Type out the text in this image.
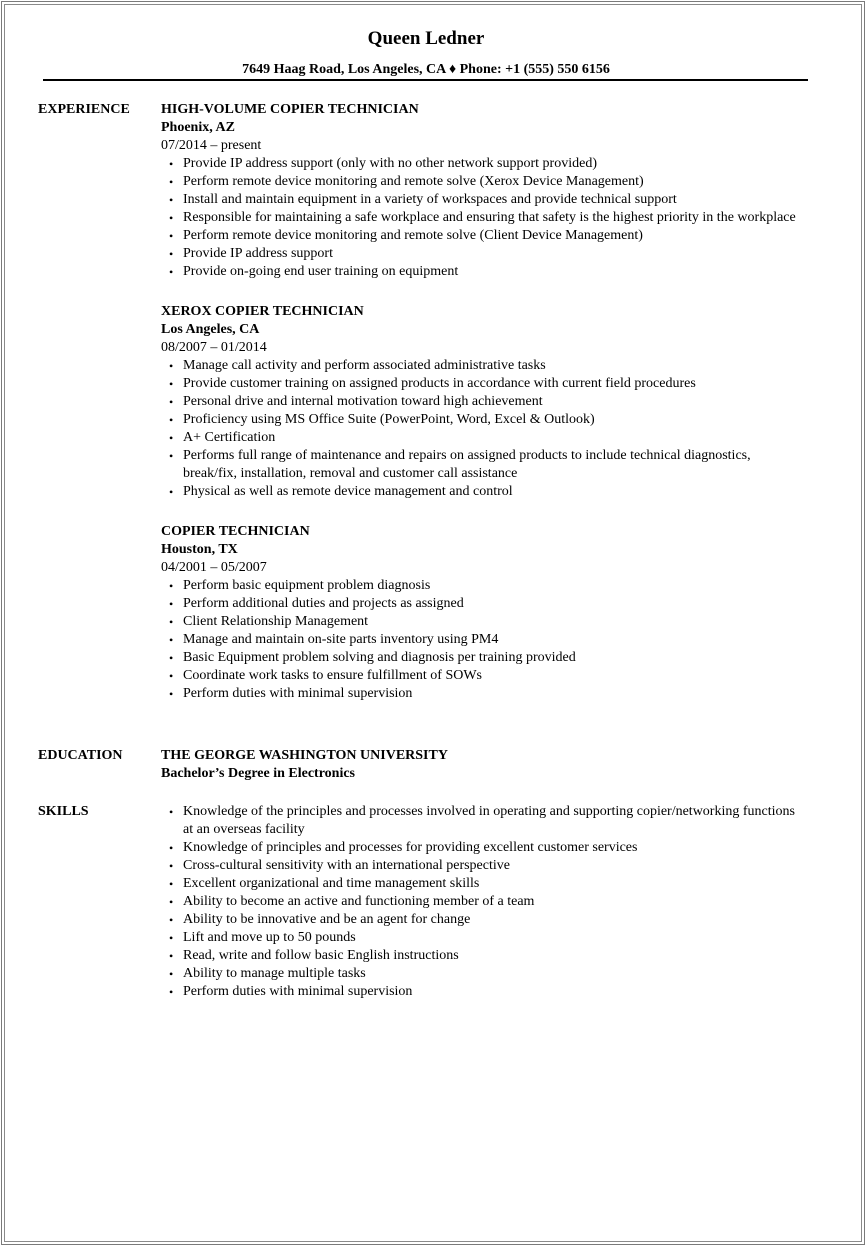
Queen Ledner
7649 Haag Road, Los Angeles, CA ♦ Phone: +1 (555) 550 6156
EXPERIENCE HIGH-VOLUME COPIER TECHNICIAN
Phoenix, AZ
07/2014 – present
• Provide IP address support (only with no other network support provided)
• Perform remote device monitoring and remote solve (Xerox Device Management)
• Install and maintain equipment in a variety of workspaces and provide technical support
• Responsible for maintaining a safe workplace and ensuring that safety is the highest priority in the workplace
• Perform remote device monitoring and remote solve (Client Device Management)
• Provide IP address support
• Provide on-going end user training on equipment
XEROX COPIER TECHNICIAN
Los Angeles, CA
08/2007 – 01/2014
• Manage call activity and perform associated administrative tasks
• Provide customer training on assigned products in accordance with current field procedures
• Personal drive and internal motivation toward high achievement
• Proficiency using MS Office Suite (PowerPoint, Word, Excel & Outlook)
• A+ Certification
• Performs full range of maintenance and repairs on assigned products to include technical diagnostics, break/fix, installation, removal and customer call assistance
• Physical as well as remote device management and control
COPIER TECHNICIAN
Houston, TX
04/2001 – 05/2007
• Perform basic equipment problem diagnosis
• Perform additional duties and projects as assigned
• Client Relationship Management
• Manage and maintain on-site parts inventory using PM4
• Basic Equipment problem solving and diagnosis per training provided
• Coordinate work tasks to ensure fulfillment of SOWs
• Perform duties with minimal supervision
EDUCATION	THE GEORGE WASHINGTON UNIVERSITY
Bachelor’s Degree in Electronics
SKILLS	• Knowledge of the principles and processes involved in operating and supporting copier/networking functions at an overseas facility
• Knowledge of principles and processes for providing excellent customer services
• Cross-cultural sensitivity with an international perspective
• Excellent organizational and time management skills
• Ability to become an active and functioning member of a team
• Ability to be innovative and be an agent for change
• Lift and move up to 50 pounds
• Read, write and follow basic English instructions
• Ability to manage multiple tasks
• Perform duties with minimal supervision
